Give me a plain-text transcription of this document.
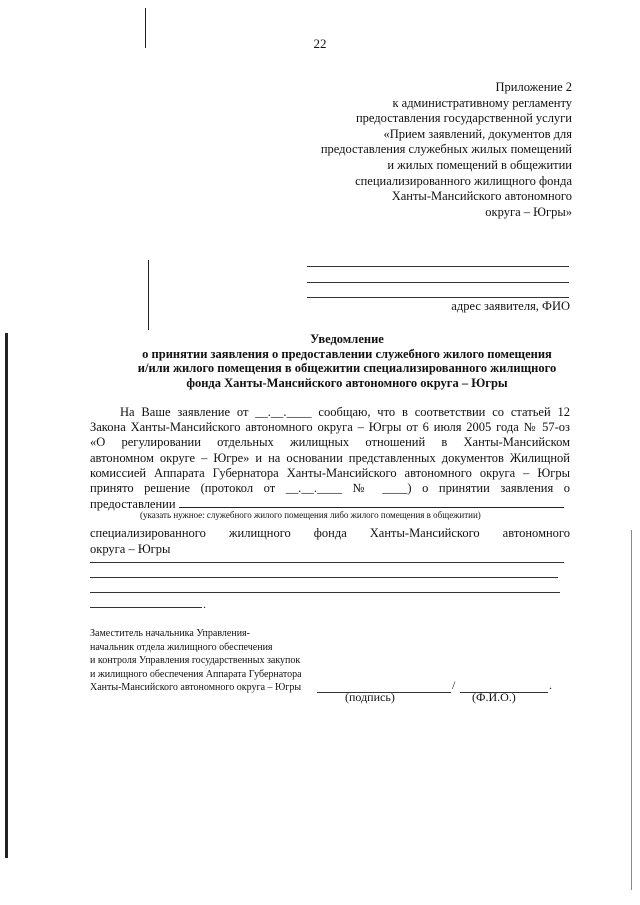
22
Приложение 2
к административному регламенту
предоставления государственной услуги
«Прием заявлений, документов для
предоставления служебных жилых помещений
и жилых помещений в общежитии
специализированного жилищного фонда
Ханты-Мансийского автономного
округа – Югры»
адрес заявителя, ФИО
Уведомление
о принятии заявления о предоставлении служебного жилого помещения
и/или жилого помещения в общежитии специализированного жилищного
фонда Ханты-Мансийского автономного округа – Югры
На Ваше заявление от __.__.____ сообщаю, что в соответствии со статьей 12
Закона Ханты-Мансийского автономного округа – Югры от 6 июля 2005 года № 57-оз
«О регулировании отдельных жилищных отношений в Ханты-Мансийском
автономном округе – Югре» и на основании представленных документов Жилищной
комиссией Аппарата Губернатора Ханты-Мансийского автономного округа – Югры
принято решение (протокол от __.__.____ № ____) о принятии заявления о
предоставлении
специализированного жилищного фонда Ханты-Мансийского автономного
округа – Югры
(указать нужное: служебного жилого помещения либо жилого помещения в общежитии)
.
Заместитель начальника Управления-
начальник отдела жилищного обеспечения
и контроля Управления государственных закупок
и жилищного обеспечения Аппарата Губернатора
Ханты-Мансийского автономного округа – Югры	/	.
(подпись)	(Ф.И.О.)
